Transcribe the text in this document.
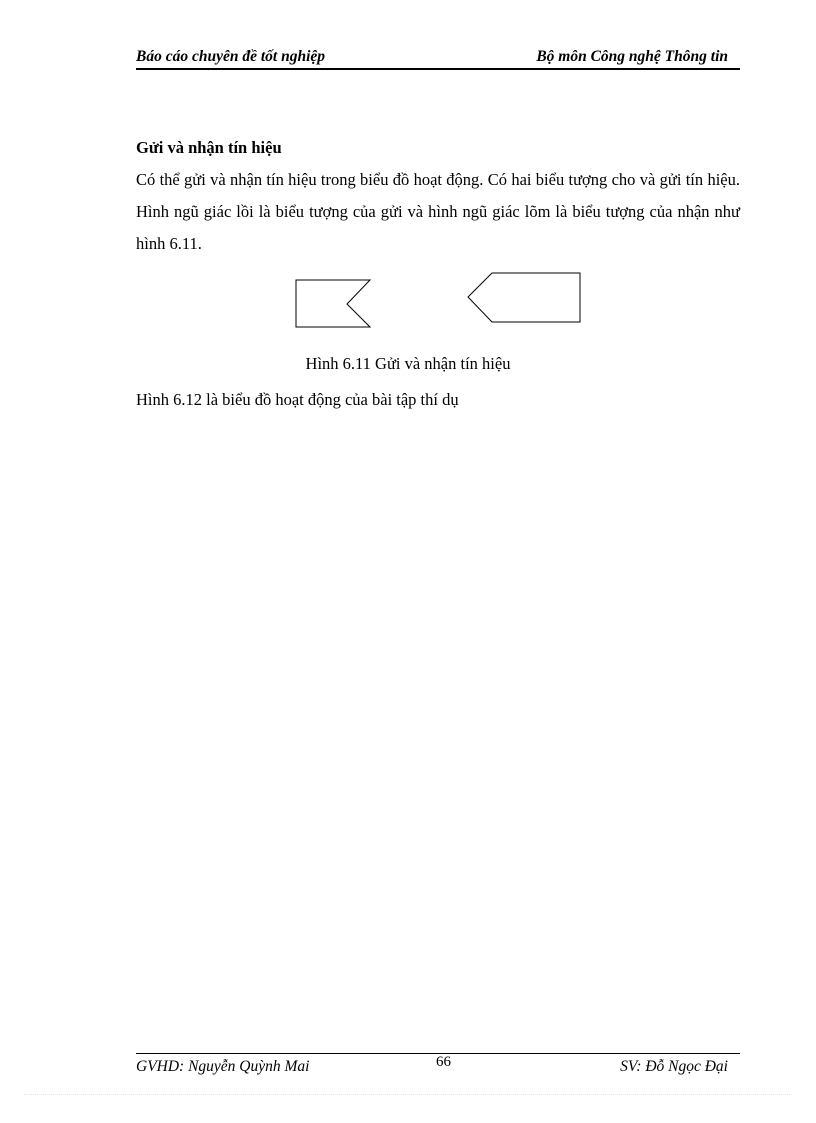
Báo cáo chuyên đề tốt nghiệp	Bộ môn Công nghệ Thông tin

Gửi và nhận tín hiệu

Có thể gửi và nhận tín hiệu trong biểu đồ hoạt động. Có hai biểu tượng cho và gửi tín hiệu. Hình ngũ giác lồi là biểu tượng của gửi và hình ngũ giác lõm là biểu tượng của nhận như hình 6.11.

Hình 6.11 Gửi và nhận tín hiệu
Hình 6.12 là biểu đồ hoạt động của bài tập thí dụ
GVHD: Nguyễn Quỳnh Mai	66	SV: Đỗ Ngọc Đại
